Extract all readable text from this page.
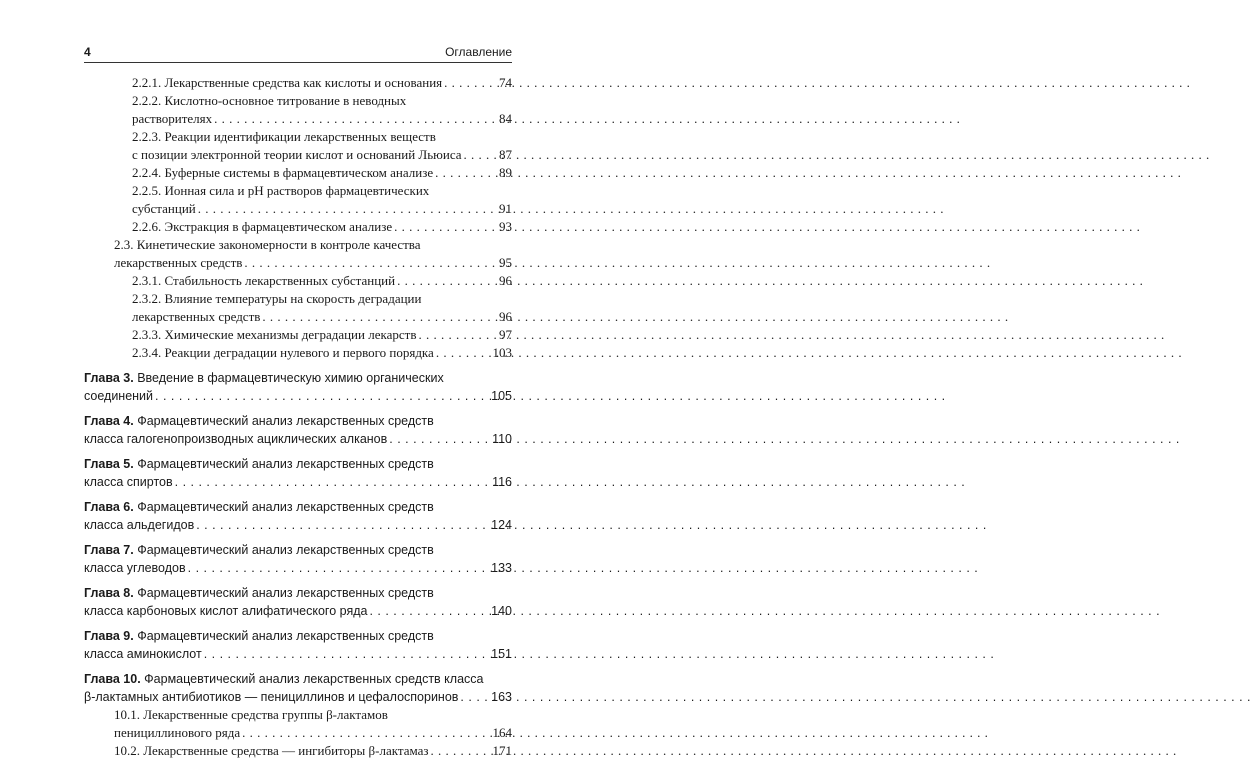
4	Оглавление
2.2.1. Лекарственные средства как кислоты и основания . . .	74
2.2.2. Кислотно-основное титрование в неводных
растворителях . . .	84
2.2.3. Реакции идентификации лекарственных веществ
с позиции электронной теории кислот и оснований Льюиса . . .	87
2.2.4. Буферные системы в фармацевтическом анализе . . .	89
2.2.5. Ионная сила и рН растворов фармацевтических
субстанций . . .	91
2.2.6. Экстракция в фармацевтическом анализе . . .	93
2.3. Кинетические закономерности в контроле качества
лекарственных средств . . .	95
2.3.1. Стабильность лекарственных субстанций . . .	96
2.3.2. Влияние температуры на скорость деградации
лекарственных средств . . .	96
2.3.3. Химические механизмы деградации лекарств . . .	97
2.3.4. Реакции деградации нулевого и первого порядка . . .	103
Глава 3. Введение в фармацевтическую химию органических
соединений . . .	105
Глава 4. Фармацевтический анализ лекарственных средств
класса галогенопроизводных ациклических алканов . . .	110
Глава 5. Фармацевтический анализ лекарственных средств
класса спиртов . . .	116
Глава 6. Фармацевтический анализ лекарственных средств
класса альдегидов . . .	124
Глава 7. Фармацевтический анализ лекарственных средств
класса углеводов . . .	133
Глава 8. Фармацевтический анализ лекарственных средств
класса карбоновых кислот алифатического ряда . . .	140
Глава 9. Фармацевтический анализ лекарственных средств
класса аминокислот . . .	151
Глава 10. Фармацевтический анализ лекарственных средств класса
β-лактамных антибиотиков — пенициллинов и цефалоспоринов . . .	163
10.1. Лекарственные средства группы β-лактамов
пенициллинового ряда . . .	164
10.2. Лекарственные средства — ингибиторы β-лактамаз . . .	171
